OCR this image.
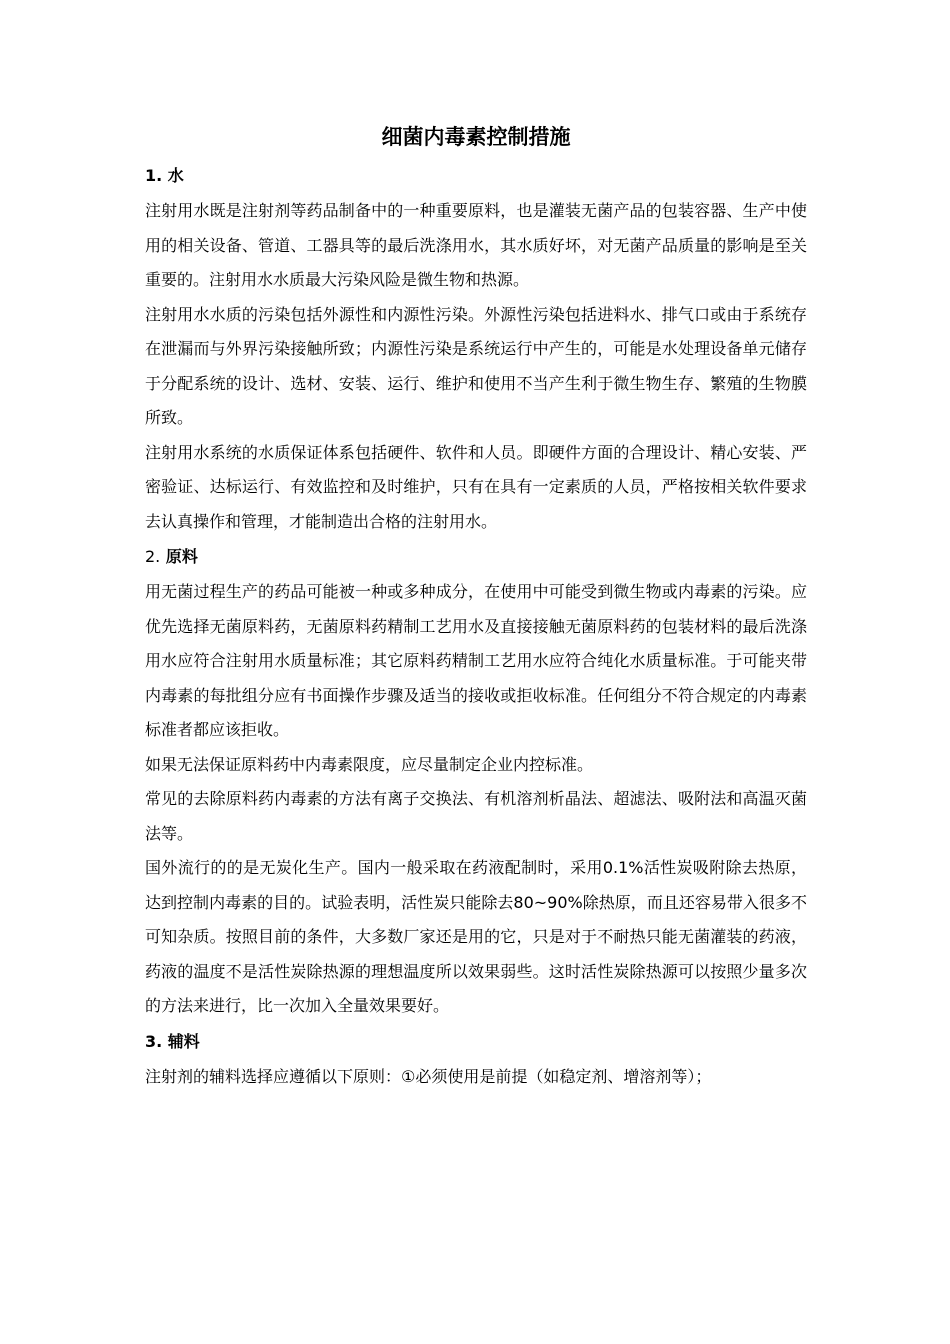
细菌内毒素控制措施

1. 水

注射用水既是注射剂等药品制备中的一种重要原料，也是灌装无菌产品的包装容器、生产中使用的相关设备、管道、工器具等的最后洗涤用水，其水质好坏，对无菌产品质量的影响是至关重要的。注射用水水质最大污染风险是微生物和热源。

注射用水水质的污染包括外源性和内源性污染。外源性污染包括进料水、排气口或由于系统存在泄漏而与外界污染接触所致；内源性污染是系统运行中产生的，可能是水处理设备单元储存于分配系统的设计、选材、安装、运行、维护和使用不当产生利于微生物生存、繁殖的生物膜所致。

注射用水系统的水质保证体系包括硬件、软件和人员。即硬件方面的合理设计、精心安装、严密验证、达标运行、有效监控和及时维护，只有在具有一定素质的人员，严格按相关软件要求去认真操作和管理，才能制造出合格的注射用水。

2. 原料

用无菌过程生产的药品可能被一种或多种成分，在使用中可能受到微生物或内毒素的污染。应优先选择无菌原料药，无菌原料药精制工艺用水及直接接触无菌原料药的包装材料的最后洗涤用水应符合注射用水质量标准；其它原料药精制工艺用水应符合纯化水质量标准。于可能夹带内毒素的每批组分应有书面操作步骤及适当的接收或拒收标准。任何组分不符合规定的内毒素标准者都应该拒收。

如果无法保证原料药中内毒素限度，应尽量制定企业内控标准。

常见的去除原料药内毒素的方法有离子交换法、有机溶剂析晶法、超滤法、吸附法和高温灭菌法等。

国外流行的的是无炭化生产。国内一般采取在药液配制时，采用0.1%活性炭吸附除去热原，达到控制内毒素的目的。试验表明，活性炭只能除去80~90%除热原，而且还容易带入很多不可知杂质。按照目前的条件，大多数厂家还是用的它，只是对于不耐热只能无菌灌装的药液，药液的温度不是活性炭除热源的理想温度所以效果弱些。这时活性炭除热源可以按照少量多次的方法来进行，比一次加入全量效果要好。

3. 辅料

注射剂的辅料选择应遵循以下原则：①必须使用是前提（如稳定剂、增溶剂等）；
